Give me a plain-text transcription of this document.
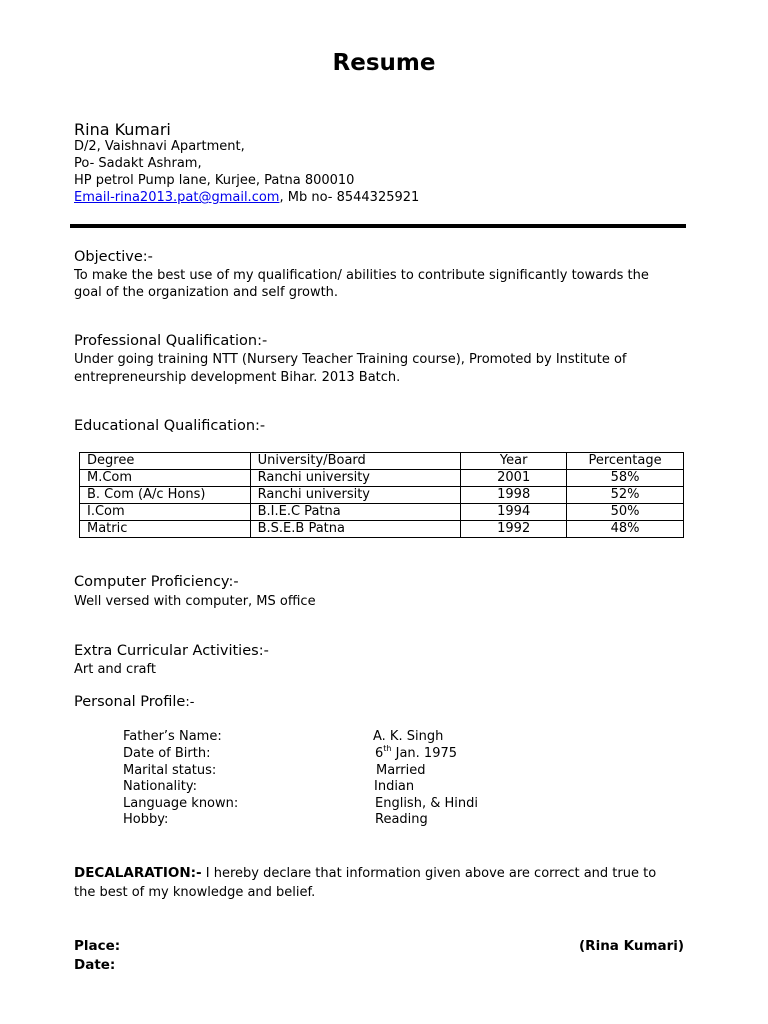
Resume
Rina Kumari
D/2, Vaishnavi Apartment,
Po- Sadakt Ashram,
HP petrol Pump lane, Kurjee, Patna 800010
Email-rina2013.pat@gmail.com, Mb no- 8544325921
Objective:-
To make the best use of my qualification/ abilities to contribute significantly towards the
goal of the organization and self growth.
Professional Qualification:-
Under going training NTT (Nursery Teacher Training course), Promoted by Institute of
entrepreneurship development Bihar. 2013 Batch.
Educational Qualification:-
Degree	University/Board	Year	Percentage
M.Com	Ranchi university	2001	58%
B. Com (A/c Hons)	Ranchi university	1998	52%
I.Com	B.I.E.C Patna	1994	50%
Matric	B.S.E.B Patna	1992	48%
Computer Proficiency:-
Well versed with computer, MS office
Extra Curricular Activities:-
Art and craft
Personal Profile:-
Father’s Name:	A. K. Singh
Date of Birth:	6th Jan. 1975
Marital status:	Married
Nationality:	Indian
Language known:	English, & Hindi
Hobby:	Reading
DECALARATION:- I hereby declare that information given above are correct and true to
the best of my knowledge and belief.
Place:
Date:
(Rina Kumari)
